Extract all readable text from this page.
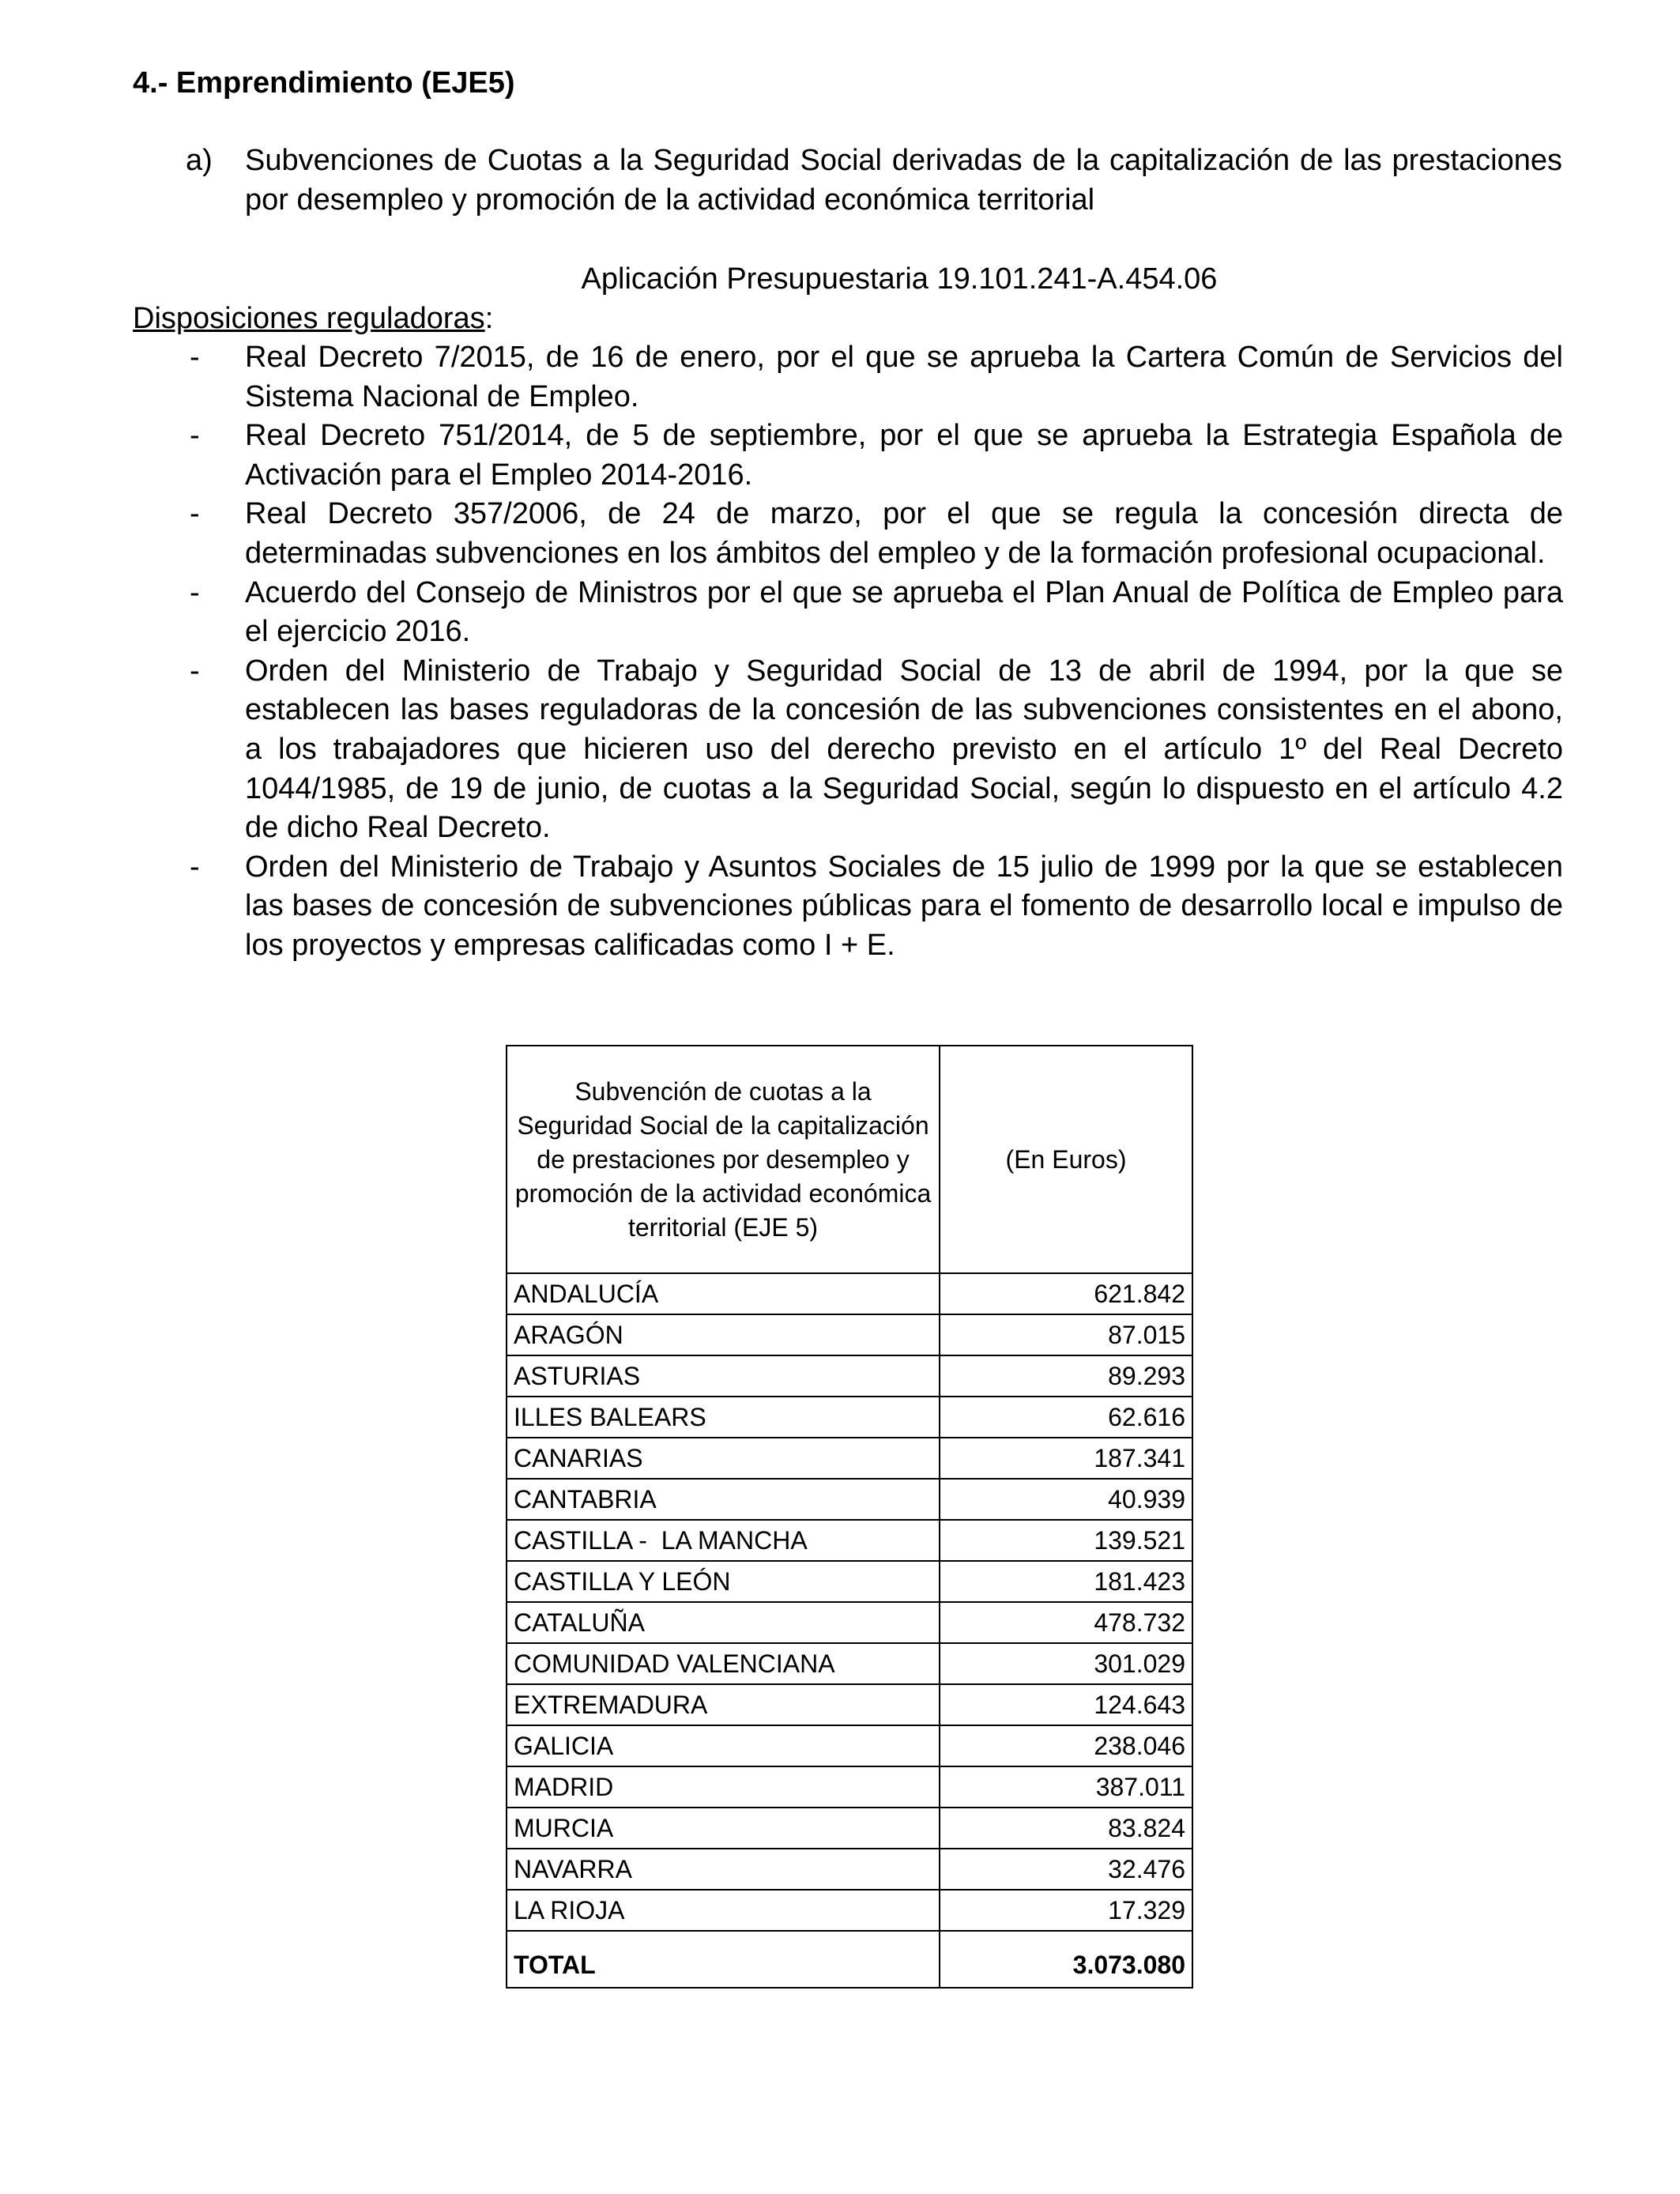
4.- Emprendimiento (EJE5)
a) Subvenciones de Cuotas a la Seguridad Social derivadas de la capitalización de las prestaciones por desempleo y promoción de la actividad económica territorial
Aplicación Presupuestaria 19.101.241-A.454.06
Disposiciones reguladoras:
- Real Decreto 7/2015, de 16 de enero, por el que se aprueba la Cartera Común de Servicios del Sistema Nacional de Empleo.
- Real Decreto 751/2014, de 5 de septiembre, por el que se aprueba la Estrategia Española de Activación para el Empleo 2014-2016.
- Real Decreto 357/2006, de 24 de marzo, por el que se regula la concesión directa de determinadas subvenciones en los ámbitos del empleo y de la formación profesional ocupacional.
- Acuerdo del Consejo de Ministros por el que se aprueba el Plan Anual de Política de Empleo para el ejercicio 2016.
- Orden del Ministerio de Trabajo y Seguridad Social de 13 de abril de 1994, por la que se establecen las bases reguladoras de la concesión de las subvenciones consistentes en el abono, a los trabajadores que hicieren uso del derecho previsto en el artículo 1º del Real Decreto 1044/1985, de 19 de junio, de cuotas a la Seguridad Social, según lo dispuesto en el artículo 4.2 de dicho Real Decreto.
- Orden del Ministerio de Trabajo y Asuntos Sociales de 15 julio de 1999 por la que se establecen las bases de concesión de subvenciones públicas para el fomento de desarrollo local e impulso de los proyectos y empresas calificadas como I + E.
Subvención de cuotas a la Seguridad Social de la capitalización de prestaciones por desempleo y promoción de la actividad económica territorial (EJE 5)	(En Euros)
ANDALUCÍA	621.842
ARAGÓN	87.015
ASTURIAS	89.293
ILLES BALEARS	62.616
CANARIAS	187.341
CANTABRIA	40.939
CASTILLA -  LA MANCHA	139.521
CASTILLA Y LEÓN	181.423
CATALUÑA	478.732
COMUNIDAD VALENCIANA	301.029
EXTREMADURA	124.643
GALICIA	238.046
MADRID	387.011
MURCIA	83.824
NAVARRA	32.476
LA RIOJA	17.329
TOTAL	3.073.080
